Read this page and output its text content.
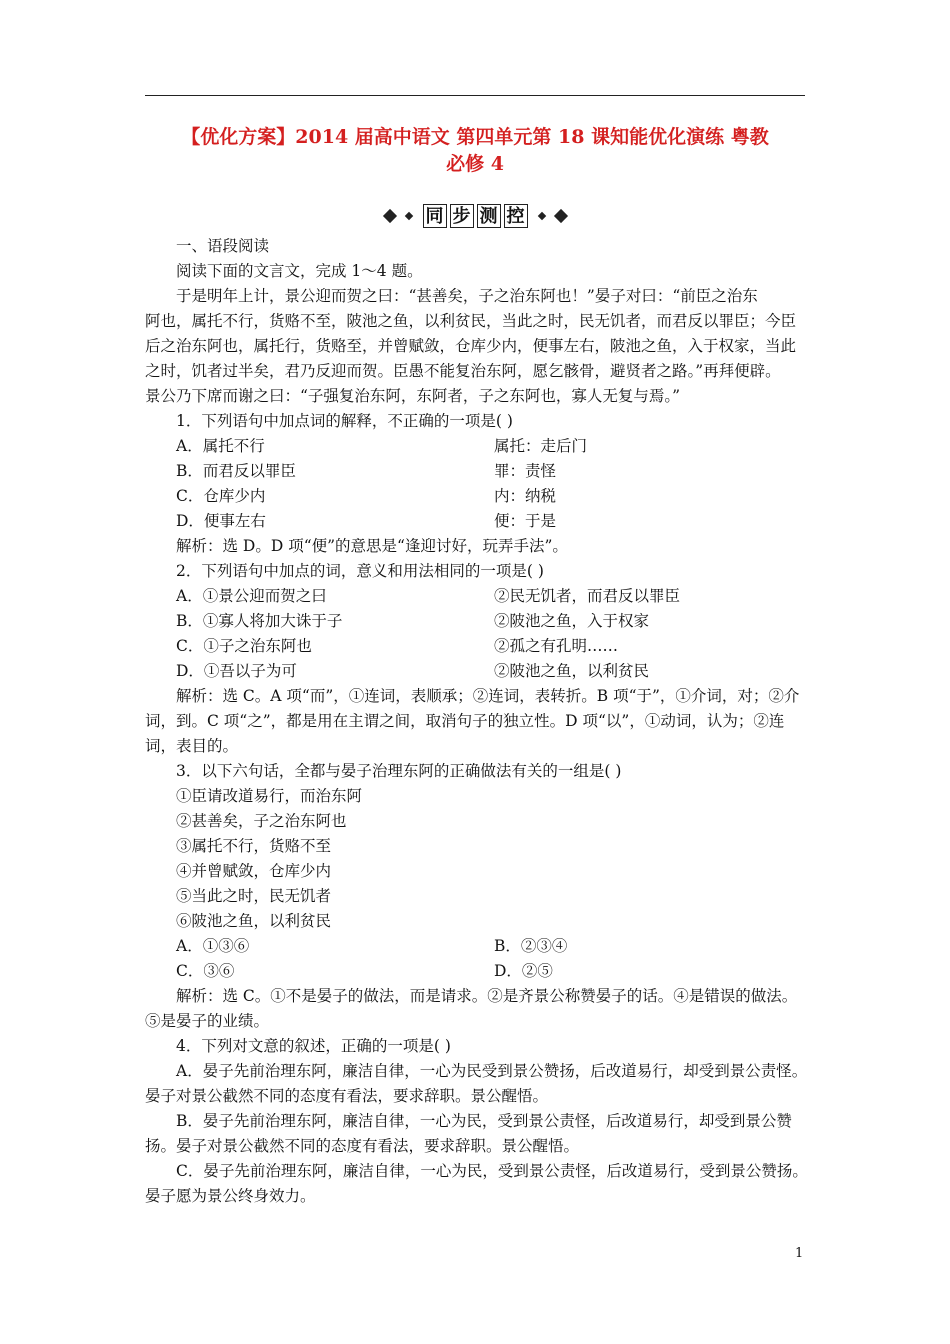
【优化方案】2014 届高中语文 第四单元第 18 课知能优化演练 粤教
必修 4
同 步 测 控
一、语段阅读
阅读下面的文言文，完成 1～4 题。
于是明年上计，景公迎而贺之曰：“甚善矣，子之治东阿也！”晏子对曰：“前臣之治东
阿也，属托不行，货赂不至，陂池之鱼，以利贫民，当此之时，民无饥者，而君反以罪臣；今臣
后之治东阿也，属托行，货赂至，并曾赋敛，仓库少内，便事左右，陂池之鱼，入于权家，当此
之时，饥者过半矣，君乃反迎而贺。臣愚不能复治东阿，愿乞骸骨，避贤者之路。”再拜便辟。
景公乃下席而谢之曰：“子强复治东阿，东阿者，子之东阿也，寡人无复与焉。”
1．下列语句中加点词的解释，不正确的一项是( )
A．属托不行	属托：走后门
B．而君反以罪臣	罪：责怪
C．仓库少内	内：纳税
D．便事左右	便：于是
解析：选 D。D 项“便”的意思是“逢迎讨好，玩弄手法”。
2．下列语句中加点的词，意义和用法相同的一项是( )
A．①景公迎而贺之曰	②民无饥者，而君反以罪臣
B．①寡人将加大诛于子	②陂池之鱼，入于权家
C．①子之治东阿也	②孤之有孔明……
D．①吾以子为可	②陂池之鱼，以利贫民
解析：选 C。A 项“而”，①连词，表顺承；②连词，表转折。B 项“于”，①介词，对；②介
词，到。C 项“之”，都是用在主谓之间，取消句子的独立性。D 项“以”，①动词，认为；②连
词，表目的。
3．以下六句话，全都与晏子治理东阿的正确做法有关的一组是( )
①臣请改道易行，而治东阿
②甚善矣，子之治东阿也
③属托不行，货赂不至
④并曾赋敛，仓库少内
⑤当此之时，民无饥者
⑥陂池之鱼，以利贫民
A．①③⑥	B．②③④
C．③⑥	D．②⑤
解析：选 C。①不是晏子的做法，而是请求。②是齐景公称赞晏子的话。④是错误的做法。
⑤是晏子的业绩。
4．下列对文意的叙述，正确的一项是( )
A．晏子先前治理东阿，廉洁自律，一心为民受到景公赞扬，后改道易行，却受到景公责怪。
晏子对景公截然不同的态度有看法，要求辞职。景公醒悟。
B．晏子先前治理东阿，廉洁自律，一心为民，受到景公责怪，后改道易行，却受到景公赞
扬。晏子对景公截然不同的态度有看法，要求辞职。景公醒悟。
C．晏子先前治理东阿，廉洁自律，一心为民，受到景公责怪，后改道易行，受到景公赞扬。
晏子愿为景公终身效力。
1
